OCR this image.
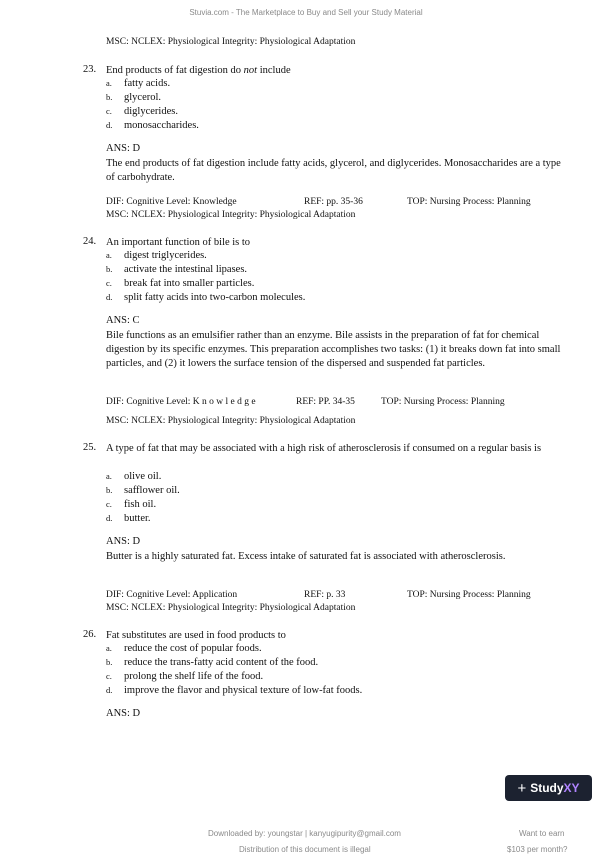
Stuvia.com - The Marketplace to Buy and Sell your Study Material
MSC: NCLEX: Physiological Integrity: Physiological Adaptation
23. End products of fat digestion do not include
a. fatty acids.
b. glycerol.
c. diglycerides.
d. monosaccharides.
ANS: D
The end products of fat digestion include fatty acids, glycerol, and diglycerides. Monosaccharides are a type of carbohydrate.
DIF: Cognitive Level: Knowledge	REF: pp. 35-36	TOP: Nursing Process: Planning
MSC: NCLEX: Physiological Integrity: Physiological Adaptation
24. An important function of bile is to
a. digest triglycerides.
b. activate the intestinal lipases.
c. break fat into smaller particles.
d. split fatty acids into two-carbon molecules.
ANS: C
Bile functions as an emulsifier rather than an enzyme. Bile assists in the preparation of fat for chemical digestion by its specific enzymes. This preparation accomplishes two tasks: (1) it breaks down fat into small particles, and (2) it lowers the surface tension of the dispersed and suspended fat particles.
DIF: Cognitive Level: K n o w l e d g e	REF: PP. 34-35	TOP: Nursing Process: Planning
MSC: NCLEX: Physiological Integrity: Physiological Adaptation
25. A type of fat that may be associated with a high risk of atherosclerosis if consumed on a regular basis is
a. olive oil.
b. safflower oil.
c. fish oil.
d. butter.
ANS: D
Butter is a highly saturated fat. Excess intake of saturated fat is associated with atherosclerosis.
DIF: Cognitive Level: Application	REF: p. 33	TOP: Nursing Process: Planning
MSC: NCLEX: Physiological Integrity: Physiological Adaptation
26. Fat substitutes are used in food products to
a. reduce the cost of popular foods.
b. reduce the trans-fatty acid content of the food.
c. prolong the shelf life of the food.
d. improve the flavor and physical texture of low-fat foods.
ANS: D
+ StudyXY
Downloaded by: youngstar | kanyugipurity@gmail.com
Distribution of this document is illegal
Want to earn
$103 per month?
